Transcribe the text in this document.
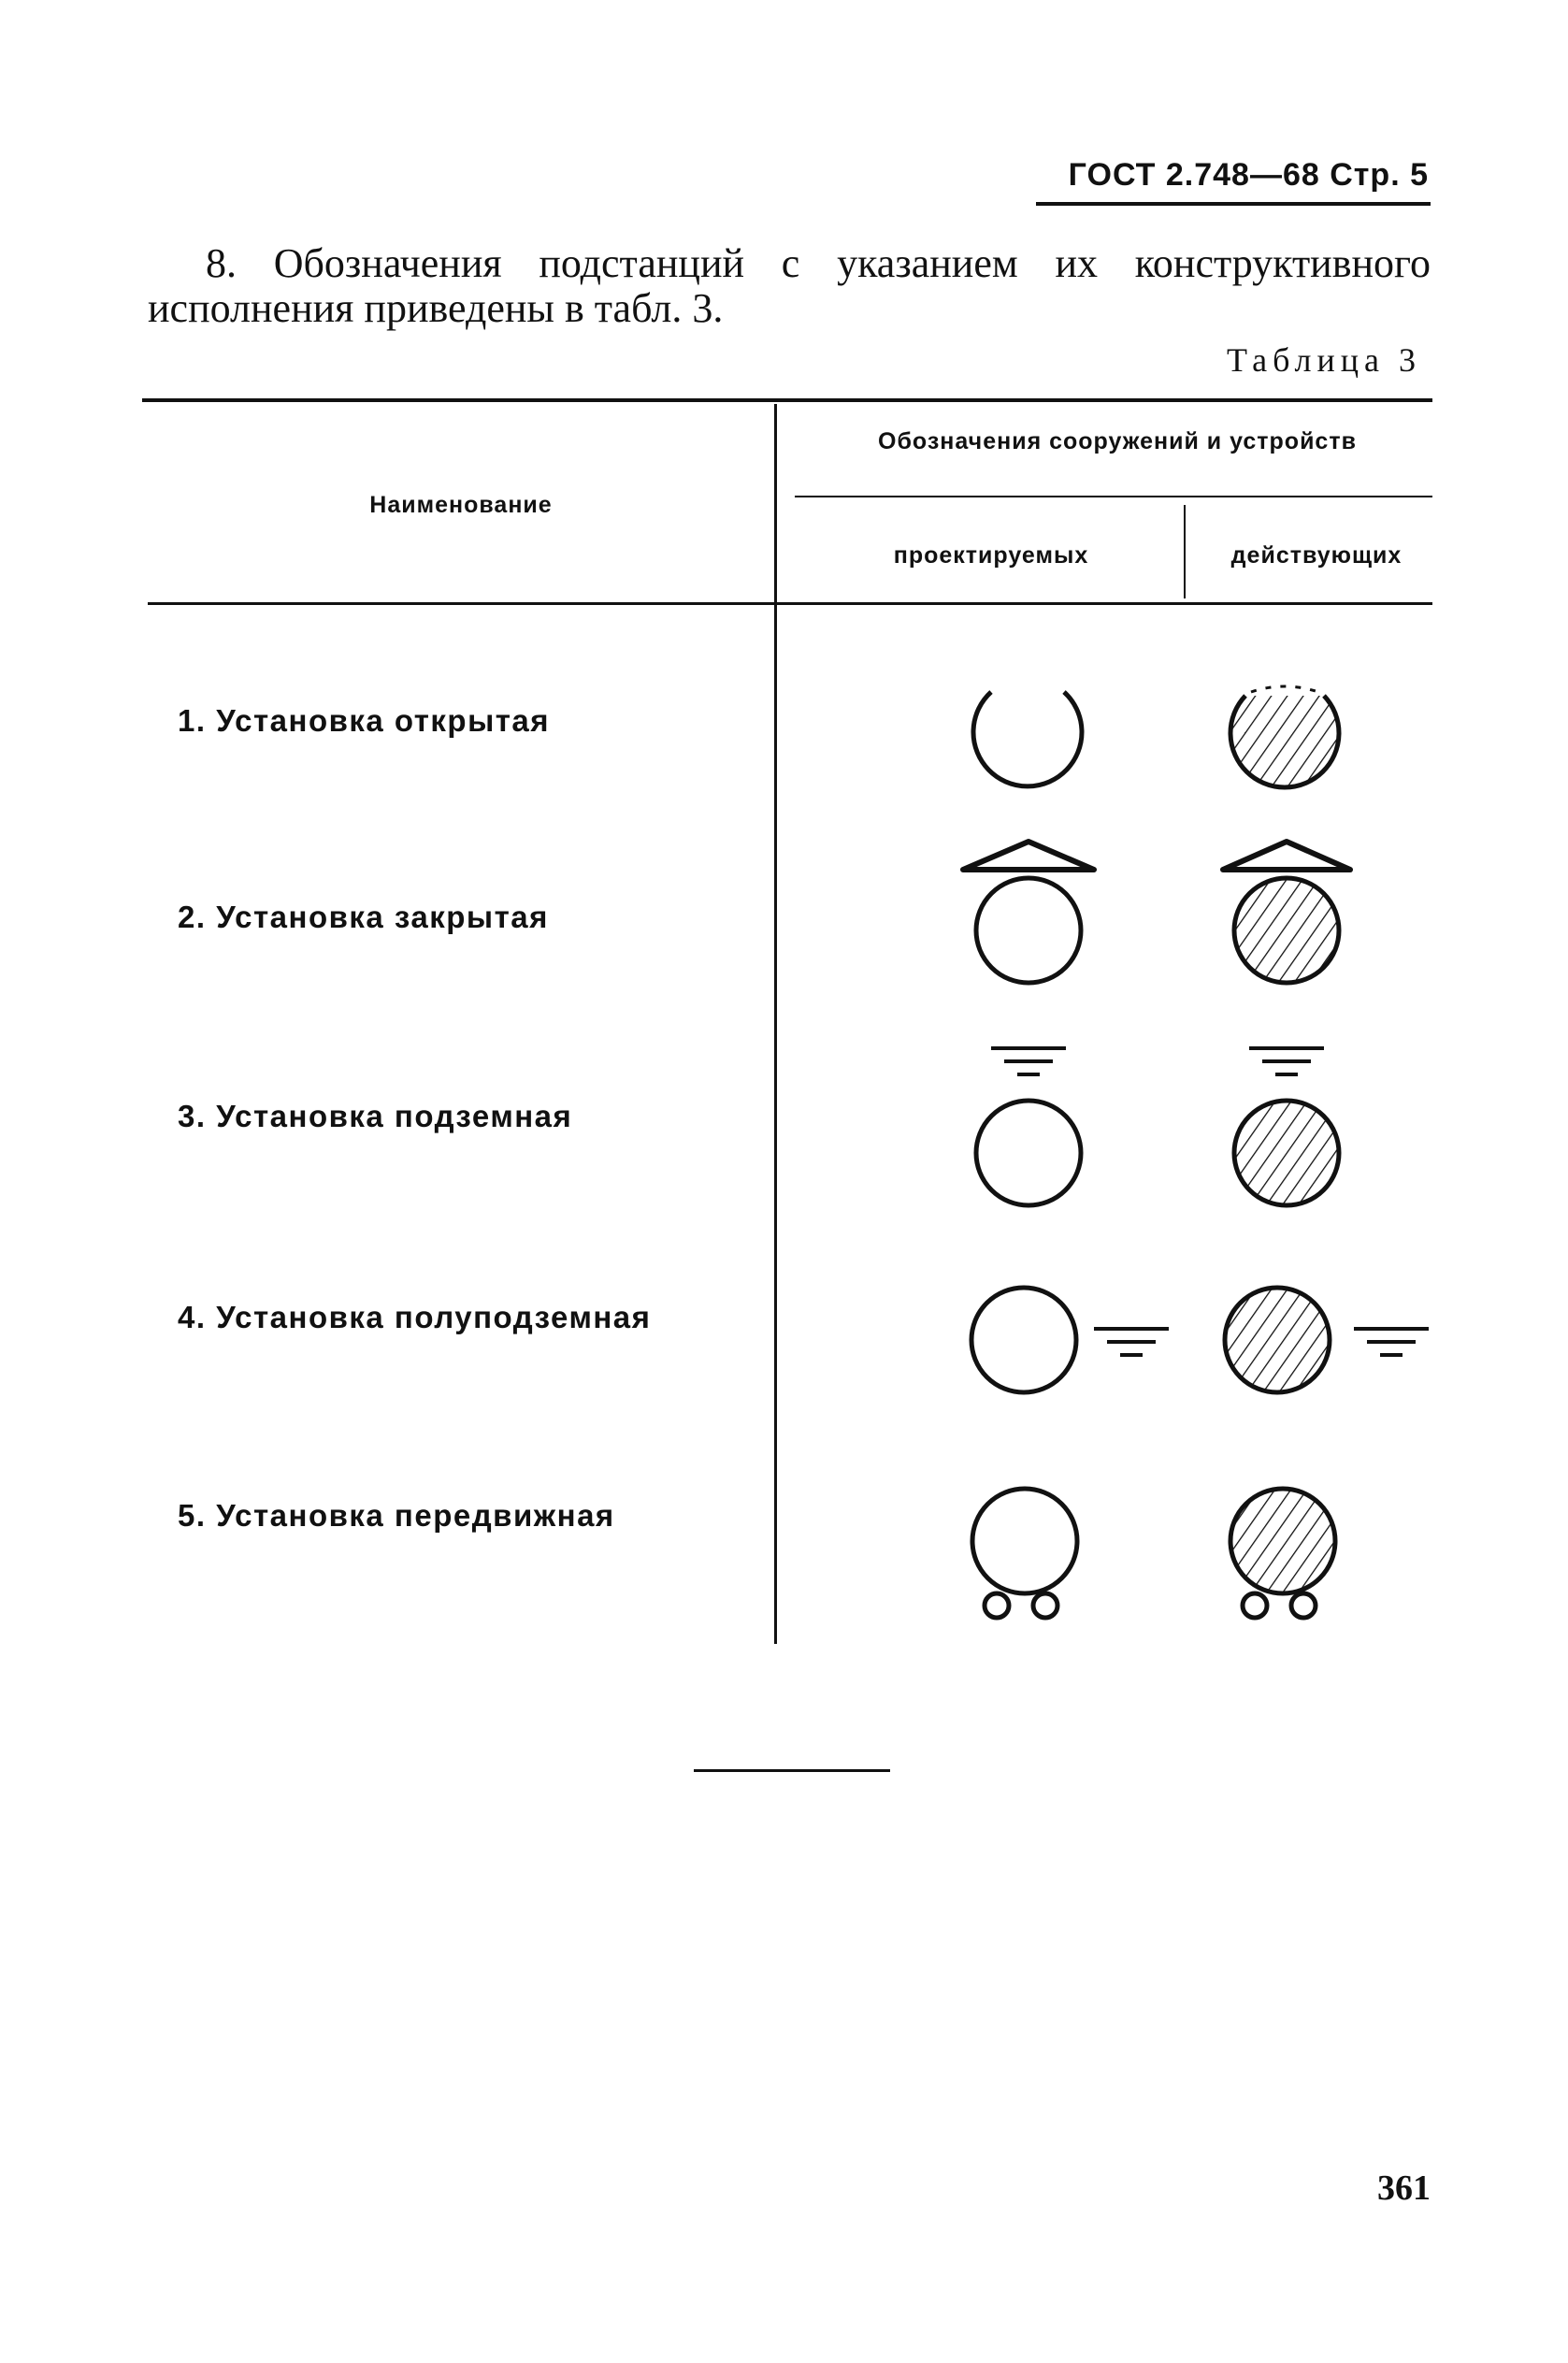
ГОСТ 2.748—68 Стр. 5
8. Обозначения подстанций с указанием их конструктивного
исполнения приведены в табл. 3.
Таблица 3
Наименование
Обозначения сооружений и устройств
проектируемых	действующих
1. Установка открытая
2. Установка закрытая
3. Установка подземная
4. Установка полуподземная
5. Установка передвижная
361
